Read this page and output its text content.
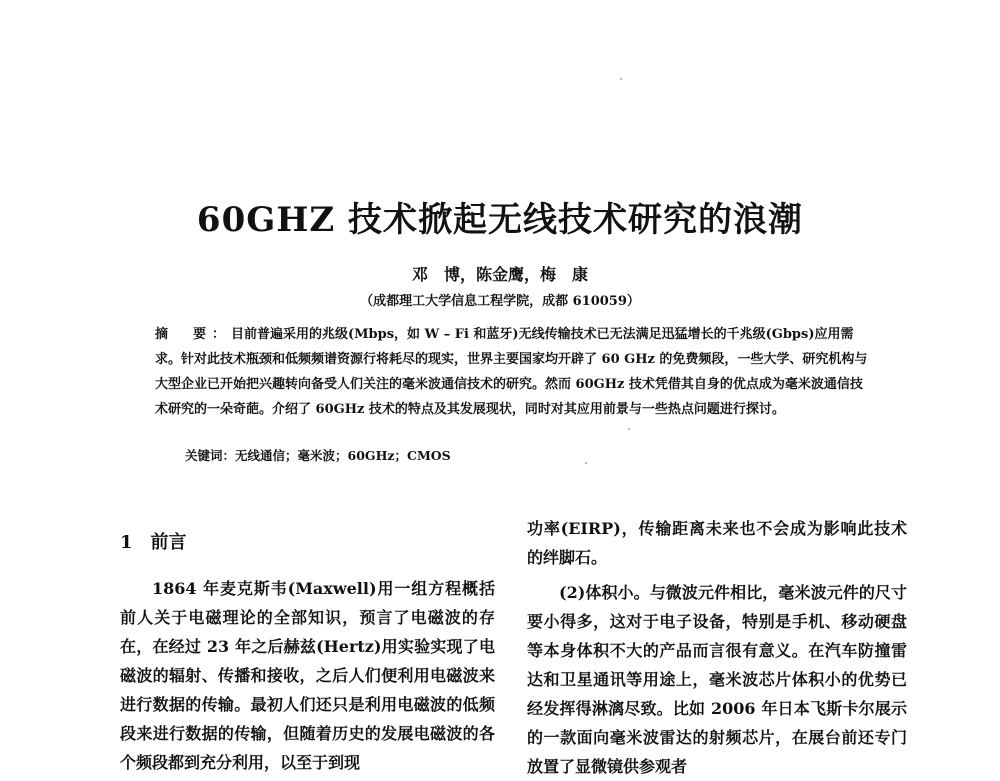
60GHZ 技术掀起无线技术研究的浪潮
邓　博，陈金鹰，梅　康
（成都理工大学信息工程学院，成都 610059）
摘　要：目前普遍采用的兆级(Mbps，如 W – Fi 和蓝牙)无线传输技术已无法满足迅猛增长的千兆级(Gbps)应用需求。针对此技术瓶颈和低频频谱资源行将耗尽的现实，世界主要国家均开辟了 60 GHz 的免费频段，一些大学、研究机构与大型企业已开始把兴趣转向备受人们关注的毫米波通信技术的研究。然而 60GHz 技术凭借其自身的优点成为毫米波通信技术研究的一朵奇葩。介绍了 60GHz 技术的特点及其发展现状，同时对其应用前景与一些热点问题进行探讨。
关键词：无线通信；毫米波；60GHz；CMOS
1 前言

1864 年麦克斯韦(Maxwell)用一组方程概括前人关于电磁理论的全部知识，预言了电磁波的存在，在经过 23 年之后赫兹(Hertz)用实验实现了电磁波的辐射、传播和接收，之后人们便利用电磁波来进行数据的传输。最初人们还只是利用电磁波的低频段来进行数据的传输，但随着历史的发展电磁波的各个频段都到充分利用，以至于到现

功率(EIRP)，传输距离未来也不会成为影响此技术的绊脚石。

(2)体积小。与微波元件相比，毫米波元件的尺寸要小得多，这对于电子设备，特别是手机、移动硬盘等本身体积不大的产品而言很有意义。在汽车防撞雷达和卫星通讯等用途上，毫米波芯片体积小的优势已经发挥得淋漓尽致。比如 2006 年日本飞斯卡尔展示的一款面向毫米波雷达的射频芯片，在展台前还专门放置了显微镜供参观者
